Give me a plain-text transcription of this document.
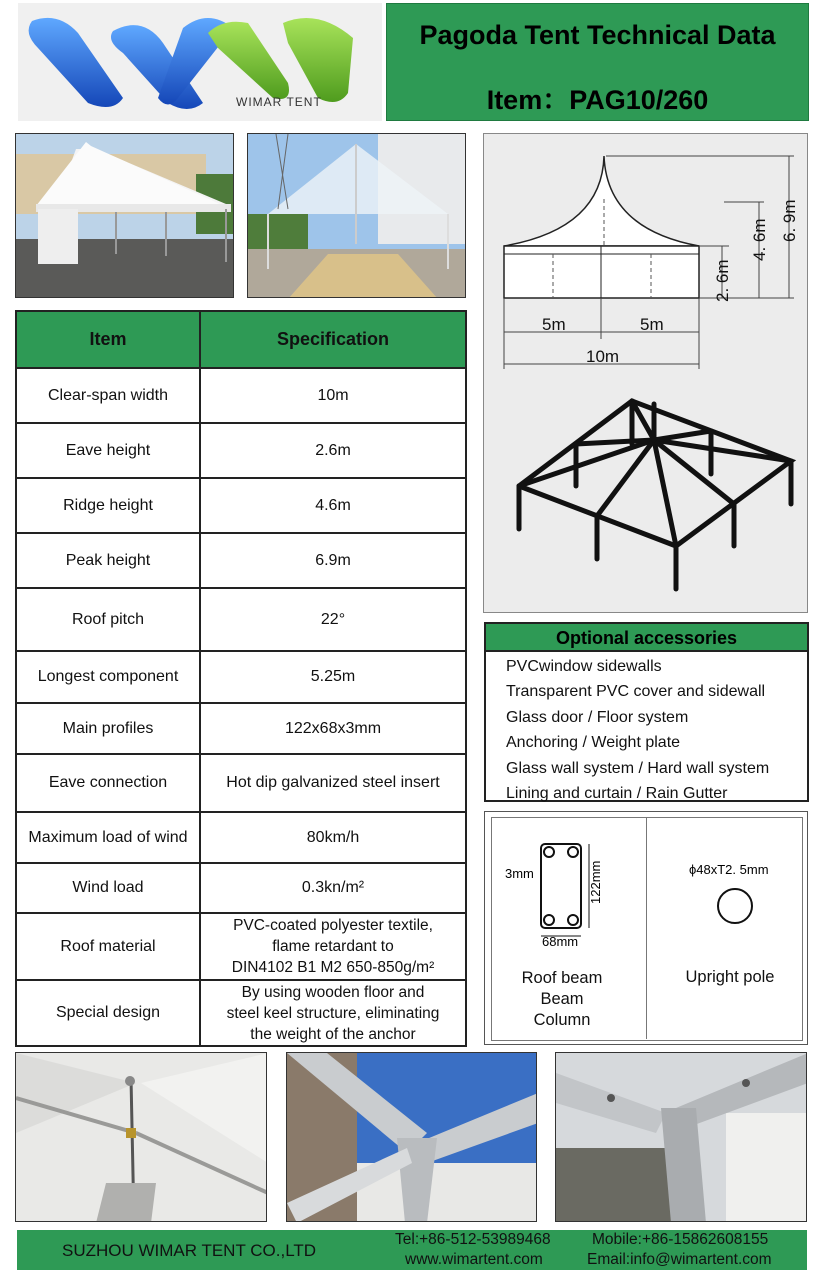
WIMAR TENT
Pagoda Tent Technical Data
Item：PAG10/260
Item	Specification
Clear-span width	10m
Eave height	2.6m
Ridge height	4.6m
Peak height	6.9m
Roof pitch	22°
Longest component	5.25m
Main profiles	122x68x3mm
Eave connection	Hot dip galvanized steel insert
Maximum load of wind	80km/h
Wind load	0.3kn/m²
Roof material	PVC-coated polyester textile,
flame retardant to
DIN4102 B1 M2 650-850g/m²

Special design	By using wooden floor and
steel keel structure, eliminating
the weight of the anchor
2. 6m
4. 6m 6. 9m
5m	5m
10m
Optional accessories
PVCwindow sidewalls
Transparent PVC cover and sidewall
Glass door / Floor system
Anchoring / Weight plate
Glass wall system / Hard wall system
Lining and curtain / Rain Gutter
3mm	122mm
68mm
Roof beam
Beam
Column
ϕ48xT2. 5mm
Upright pole
SUZHOU WIMAR TENT CO.,LTD
Tel:+86-512-53989468
www.wimartent.com
Mobile:+86-15862608155
Email:info@wimartent.com
